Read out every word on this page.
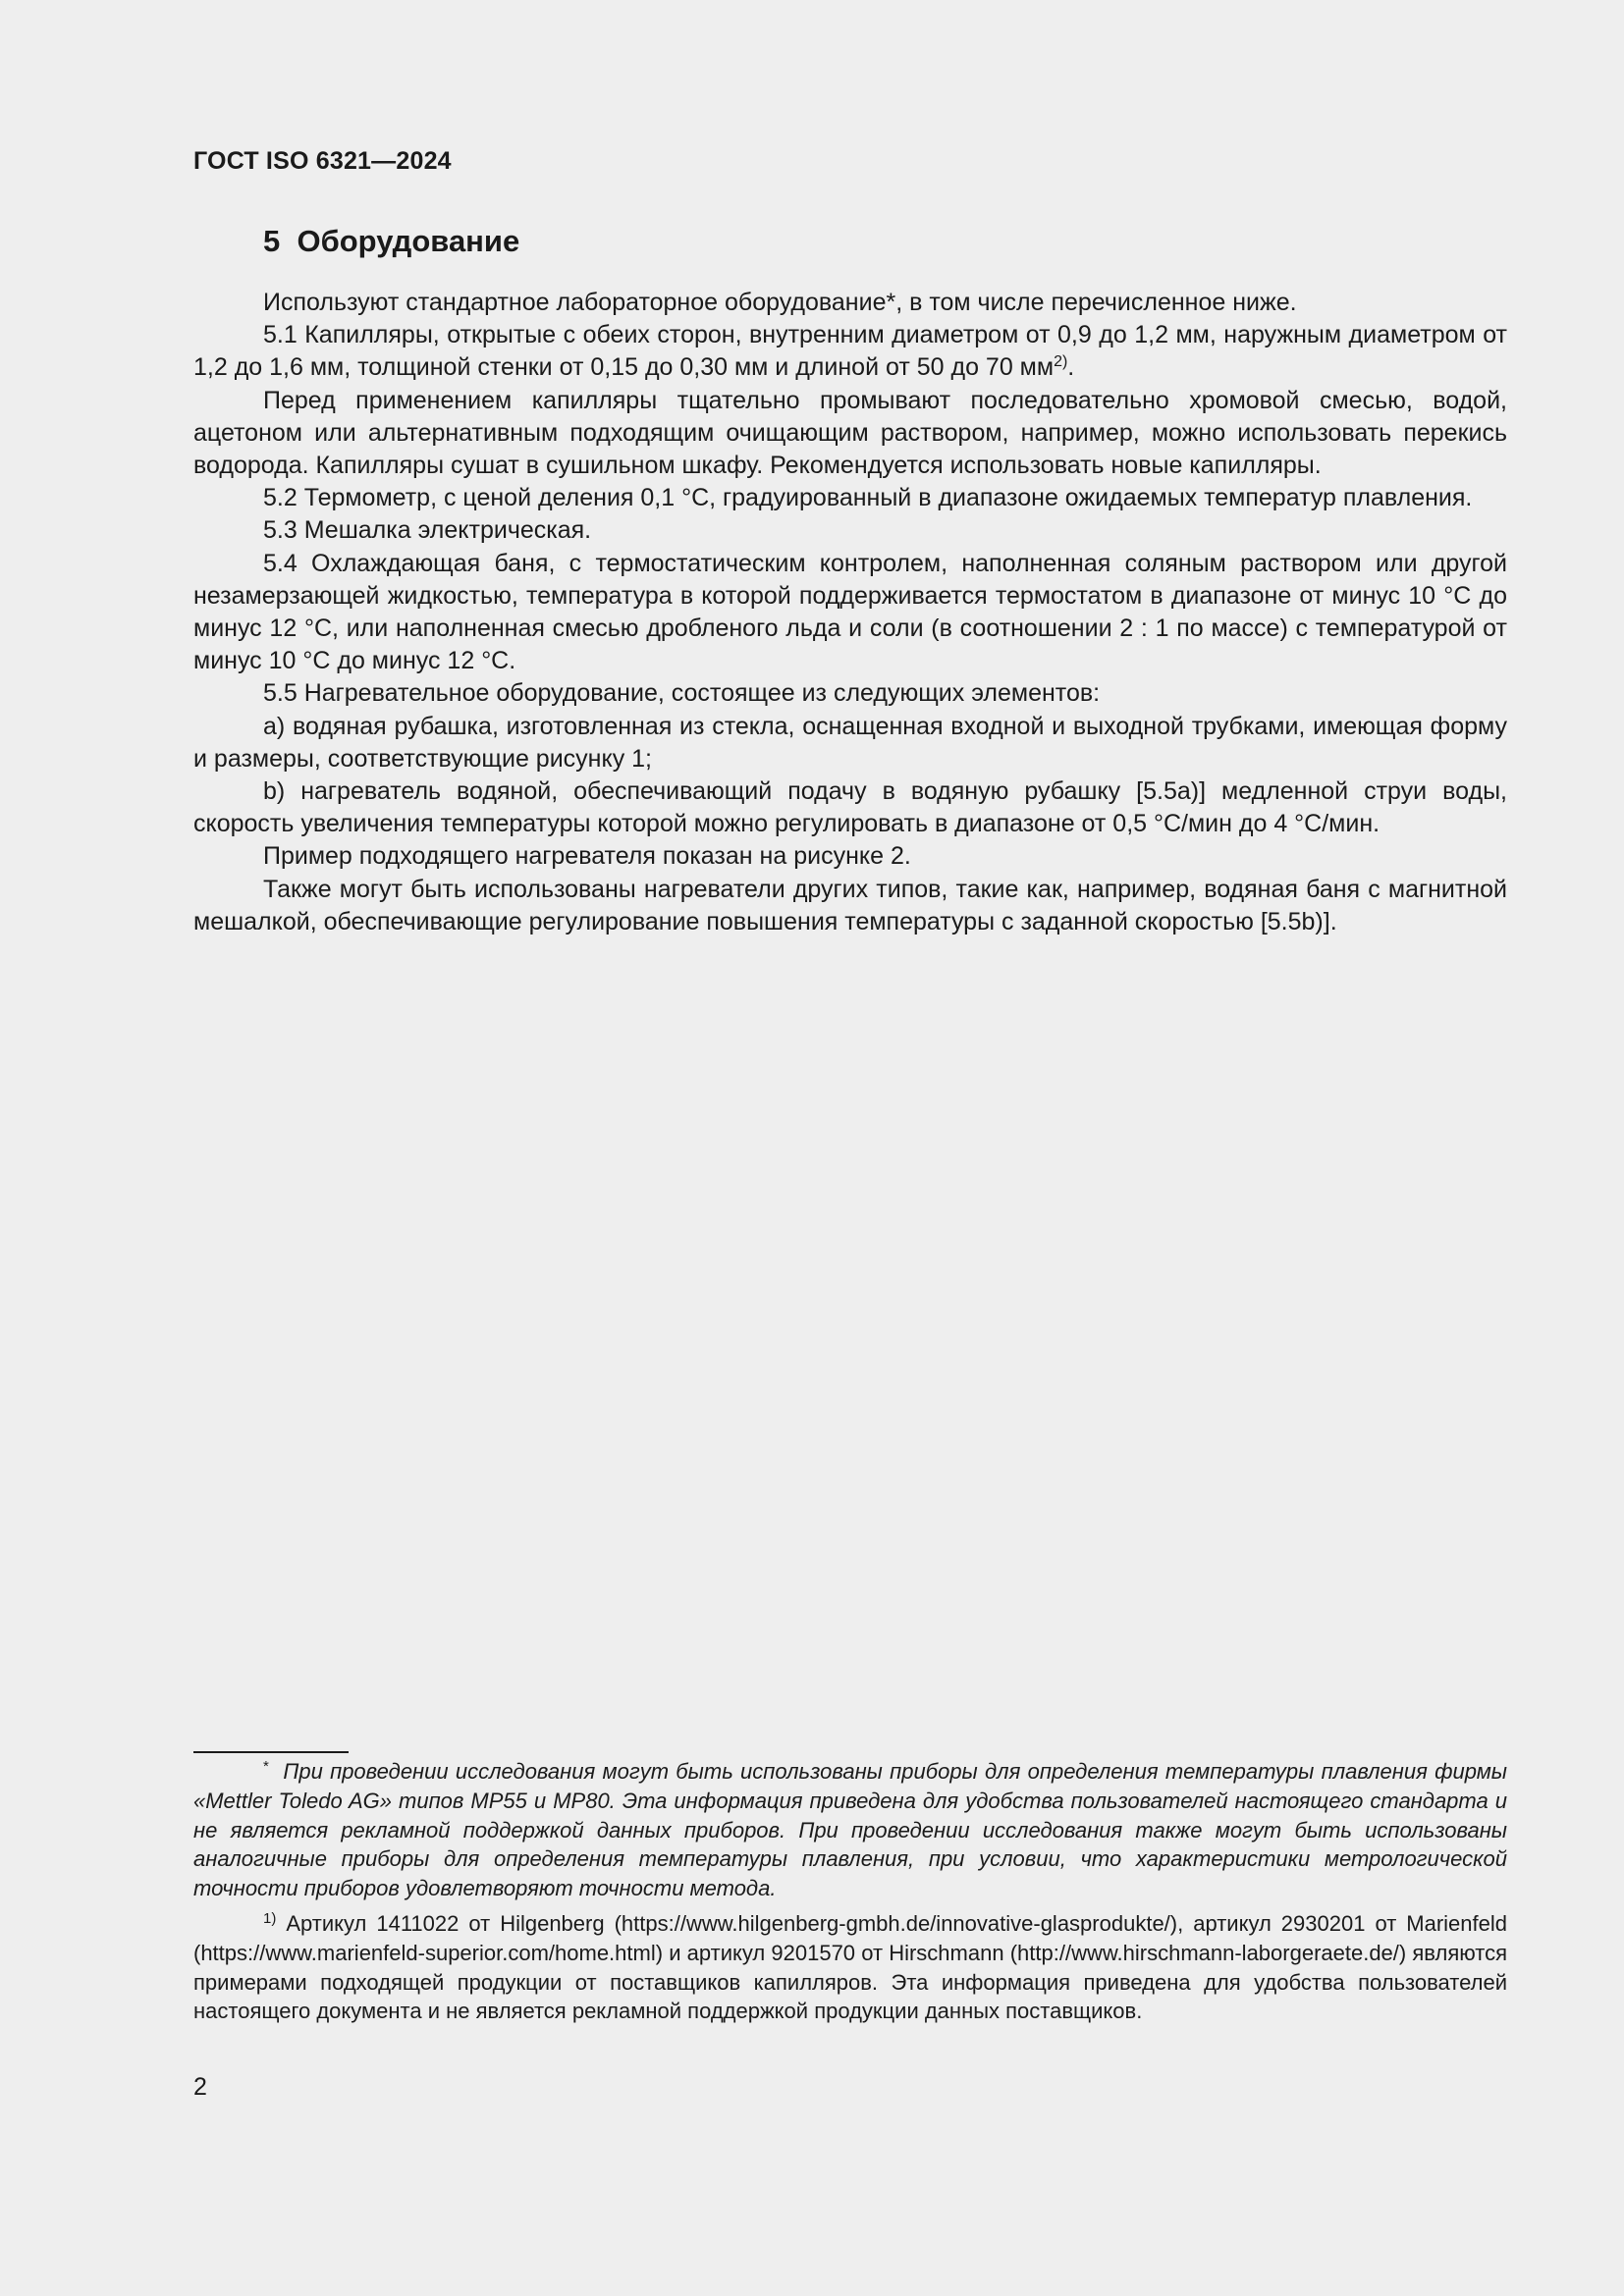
ГОСТ ISO 6321—2024
5 Оборудование

Используют стандартное лабораторное оборудование*, в том числе перечисленное ниже.

5.1 Капилляры, открытые с обеих сторон, внутренним диаметром от 0,9 до 1,2 мм, наружным диаметром от 1,2 до 1,6 мм, толщиной стенки от 0,15 до 0,30 мм и длиной от 50 до 70 $мм^{2)}$.

Перед применением капилляры тщательно промывают последовательно хромовой смесью, водой, ацетоном или альтернативным подходящим очищающим раствором, например, можно использовать перекись водорода. Капилляры сушат в сушильном шкафу. Рекомендуется использовать новые капилляры.

5.2 Термометр, с ценой деления 0,1 °С, градуированный в диапазоне ожидаемых температур плавления.

5.3 Мешалка электрическая.

5.4 Охлаждающая баня, с термостатическим контролем, наполненная соляным раствором или другой незамерзающей жидкостью, температура в которой поддерживается термостатом в диапазоне от минус 10 °С до минус 12 °С, или наполненная смесью дробленого льда и соли (в соотношении 2 : 1 по массе) с температурой от минус 10 °С до минус 12 °С.

5.5 Нагревательное оборудование, состоящее из следующих элементов:

а) водяная рубашка, изготовленная из стекла, оснащенная входной и выходной трубками, имеющая форму и размеры, соответствующие рисунку 1;

b) нагреватель водяной, обеспечивающий подачу в водяную рубашку [5.5a)] медленной струи воды, скорость увеличения температуры которой можно регулировать в диапазоне от 0,5 °С/мин до 4 °С/мин.

Пример подходящего нагревателя показан на рисунке 2.

Также могут быть использованы нагреватели других типов, такие как, например, водяная баня с магнитной мешалкой, обеспечивающие регулирование повышения температуры с заданной скоростью [5.5b)].

* При проведении исследования могут быть использованы приборы для определения температуры плавления фирмы «Mettler Toledo AG» типов MP55 и MP80. Эта информация приведена для удобства пользователей настоящего стандарта и не является рекламной поддержкой данных приборов. При проведении исследования также могут быть использованы аналогичные приборы для определения температуры плавления, при условии, что характеристики метрологической точности приборов удовлетворяют точности метода.

$^{1)}$ Артикул 1411022 от Hilgenberg (https://www.hilgenberg-gmbh.de/innovative-glasprodukte/), артикул 2930201 от Marienfeld (https://www.marienfeld-superior.com/home.html) и артикул 9201570 от Hirschmann (http://www.hirschmann-laborgeraete.de/) являются примерами подходящей продукции от поставщиков капилляров. Эта информация приведена для удобства пользователей настоящего документа и не является рекламной поддержкой продукции данных поставщиков.

2
